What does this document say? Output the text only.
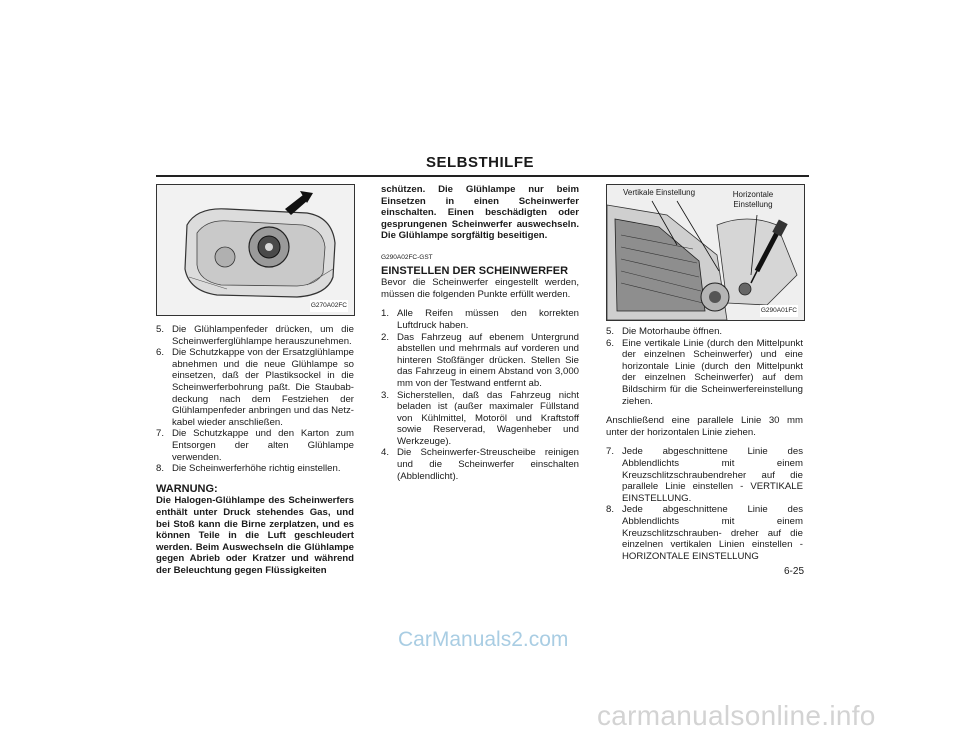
SELBSTHILFE
G270A02FC
5. Die Glühlampenfeder drücken, um die Scheinwerferglühlampe herauszunehmen.
6. Die Schutzkappe von der Ersatzglühlampe abnehmen und die neue Glühlampe so einsetzen, daß der Plastiksockel in die Scheinwerferbohrung paßt. Die Staubab-deckung nach dem Festziehen der Glühlampenfeder anbringen und das Netz-kabel wieder anschließen.
7. Die Schutzkappe und den Karton zum Entsorgen der alten Glühlampe verwenden.
8. Die Scheinwerferhöhe richtig einstellen.
WARNUNG:
Die Halogen-Glühlampe des Scheinwerfers enthält unter Druck stehendes Gas, und bei Stoß kann die Birne zerplatzen, und es können Teile in die Luft geschleudert werden. Beim Auswechseln die Glühlampe gegen Abrieb oder Kratzer und während der Beleuchtung gegen Flüssigkeiten
schützen. Die Glühlampe nur beim Einsetzen in einen Scheinwerfer einschalten. Einen beschädigten oder gesprungenen Scheinwerfer auswechseln. Die Glühlampe sorgfältig beseitigen.
G290A02FC-GST
EINSTELLEN DER SCHEINWERFER
Bevor die Scheinwerfer eingestellt werden, müssen die folgenden Punkte erfüllt werden.
1. Alle Reifen müssen den korrekten Luftdruck haben.
2. Das Fahrzeug auf ebenem Untergrund abstellen und mehrmals auf vorderen und hinteren Stoßfänger drücken. Stellen Sie das Fahrzeug in einem Abstand von 3,000 mm von der Testwand entfernt ab.
3. Sicherstellen, daß das Fahrzeug nicht beladen ist (außer maximaler Füllstand von Kühlmittel, Motoröl und Kraftstoff sowie Reserverad, Wagenheber und Werkzeuge).
4. Die Scheinwerfer-Streuscheibe reinigen und die Scheinwerfer einschalten (Abblendlicht).
Vertikale Einstellung	Horizontale Einstellung
G290A01FC
5. Die Motorhaube öffnen.
6. Eine vertikale Linie (durch den Mittelpunkt der einzelnen Scheinwerfer) und eine horizontale Linie (durch den Mittelpunkt der einzelnen Scheinwerfer) auf dem Bildschirm für die Scheinwerfereinstellung ziehen.
Anschließend eine parallele Linie 30 mm unter der horizontalen Linie ziehen.
7. Jede abgeschnittene Linie des Abblendlichts mit einem Kreuzschlitzschraubendreher auf die parallele Linie einstellen - VERTIKALE EINSTELLUNG.
8. Jede abgeschnittene Linie des Abblendlichts mit einem Kreuzschlitzschrauben- dreher auf die einzelnen vertikalen Linien einstellen - HORIZONTALE EINSTELLUNG
6-25
CarManuals2.com
carmanualsonline.info
